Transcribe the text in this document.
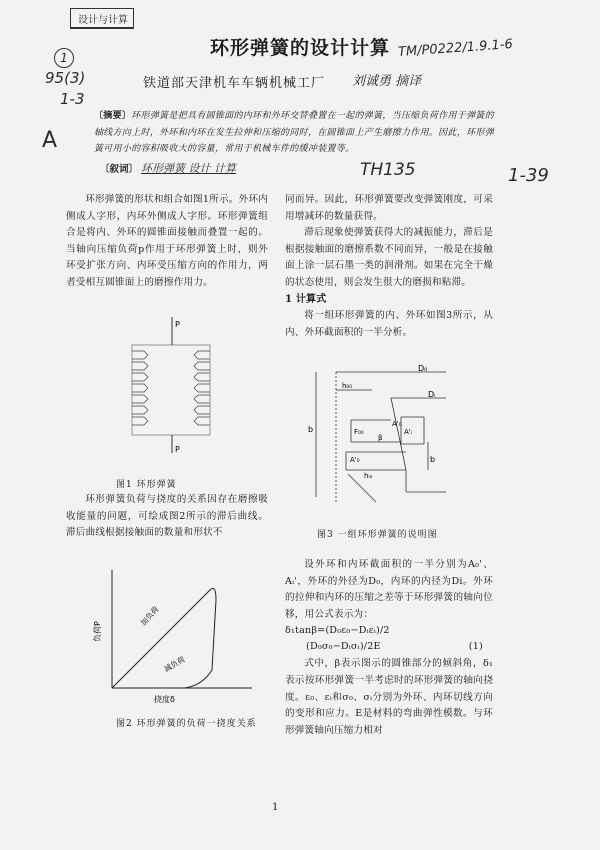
设计与计算
环形弹簧的设计计算
铁道部天津机车车辆机械工厂 刘诚勇 摘译
1
95(3)
1-3
A
TM/P0222/1.9.1-6
1-39
TH135
〔摘要〕环形弹簧是把具有圆锥面的内环和外环交替叠置在一起的弹簧，当压缩负荷作用于弹簧的轴线方向上时，外环和内环在发生拉伸和压缩的同时，在圆锥面上产生磨擦力作用。因此，环形弹簧可用小的容积吸收大的容量，常用于机械车件的缓冲装置等。
〔叙词〕 环形弹簧 设计 计算

环形弹簧的形状和组合如图1所示。外环内侧成人字形，内环外侧成人字形。环形弹簧组合是将内、外环的圆锥面接触而叠置一起的。当轴向压缩负荷p作用于环形弹簧上时，则外环受扩张方向、内环受压缩方向的作用力，两者受相互圆锥面上的磨擦作用力。

P
P
图1 环形弹簧

环形弹簧负荷与挠度的关系因存在磨擦吸收能量的问题，可绘成图2所示的滞后曲线。滞后曲线根据接触面的数量和形状不

负荷P
挠度δ
加负荷
减负荷
图2 环形弹簧的负荷一挠度关系

同而异。因此，环形弹簧要改变弹簧刚度，可采用增减环的数量获得。

滞后现象使弹簧获得大的减振能力，滞后是根据接触面的磨擦系数不同而异，一般是在接触面上涂一层石墨一类的润滑剂。如果在完全干燥的状态使用，则会发生很大的磨损和粘滞。

1 计算式

将一组环形弹簧的内、外环如图3所示，从内、外环截面积的一半分析。

D₀
Dᵢ
h₀₀
A'₀
A'ᵢ
β
F₀₀
A'₀
hᵢₒ
b
b
图3 一组环形弹簧的说明图

设外环和内环截面积的一半分别为A₀'、Aᵢ'，外环的外径为D₀，内环的内径为Di。外环的拉伸和内环的压缩之差等于环形弹簧的轴向位移，用公式表示为：

δ₁tanβ=(D₀ε₀−Dᵢεᵢ)/2
(D₀σ₀−Dᵢσᵢ)/2E	(1)

式中，β表示图示的圆锥部分的倾斜角，δ₁表示按环形弹簧一半考虑时的环形弹簧的轴向挠度。ε₀、εᵢ和σ₀、σᵢ分别为外环、内环切线方向的变形和应力。E是材料的弯曲弹性模数。与环形弹簧轴向压缩力相对

1
